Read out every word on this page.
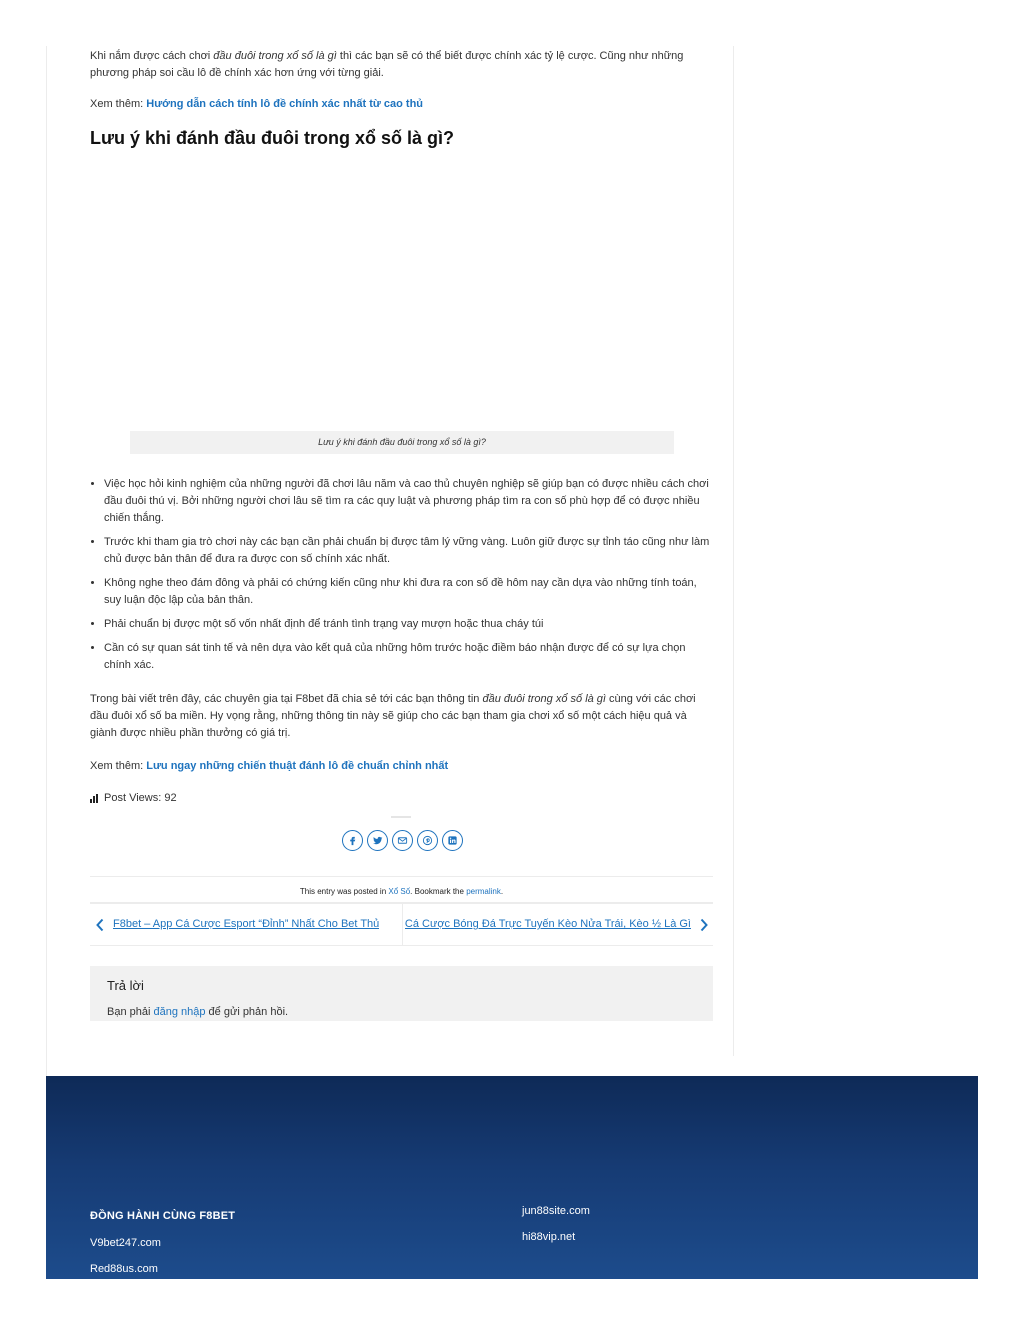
Khi nắm được cách chơi đầu đuôi trong xổ số là gì thì các bạn sẽ có thể biết được chính xác tỷ lệ cược. Cũng như những phương pháp soi cầu lô đề chính xác hơn ứng với từng giải.

Xem thêm: Hướng dẫn cách tính lô đề chính xác nhất từ cao thủ

Lưu ý khi đánh đầu đuôi trong xổ số là gì?
Lưu ý khi đánh đầu đuôi trong xổ số là gì?
• Việc học hỏi kinh nghiệm của những người đã chơi lâu năm và cao thủ chuyên nghiệp sẽ giúp bạn có được nhiều cách chơi đầu đuôi thú vị. Bởi những người chơi lâu sẽ tìm ra các quy luật và phương pháp tìm ra con số phù hợp để có được nhiều chiến thắng.
• Trước khi tham gia trò chơi này các bạn cần phải chuẩn bị được tâm lý vững vàng. Luôn giữ được sự tỉnh táo cũng như làm chủ được bản thân để đưa ra được con số chính xác nhất.
• Không nghe theo đám đông và phải có chứng kiến cũng như khi đưa ra con số đề hôm nay cần dựa vào những tính toán, suy luận độc lập của bản thân.
• Phải chuẩn bị được một số vốn nhất định để tránh tình trạng vay mượn hoặc thua cháy túi
• Cần có sự quan sát tinh tế và nên dựa vào kết quả của những hôm trước hoặc điềm báo nhận được để có sự lựa chọn chính xác.

Trong bài viết trên đây, các chuyên gia tại F8bet đã chia sẻ tới các bạn thông tin đầu đuôi trong xổ số là gì cùng với các chơi đầu đuôi xổ số ba miền. Hy vọng rằng, những thông tin này sẽ giúp cho các bạn tham gia chơi xổ số một cách hiệu quả và giành được nhiều phần thưởng có giá trị.

Xem thêm: Lưu ngay những chiến thuật đánh lô đề chuẩn chỉnh nhất

Post Views: 92
This entry was posted in Xổ Số. Bookmark the permalink.
F8bet – App Cá Cược Esport “Đỉnh” Nhất Cho Bet Thủ Cá Cược Bóng Đá Trực Tuyến Kèo Nửa Trái, Kèo ½ Là Gì
Trả lời
Bạn phải đăng nhập để gửi phản hồi.
ĐỒNG HÀNH CÙNG F8BET
V9bet247.com
Red88us.com
jun88site.com
hi88vip.net
